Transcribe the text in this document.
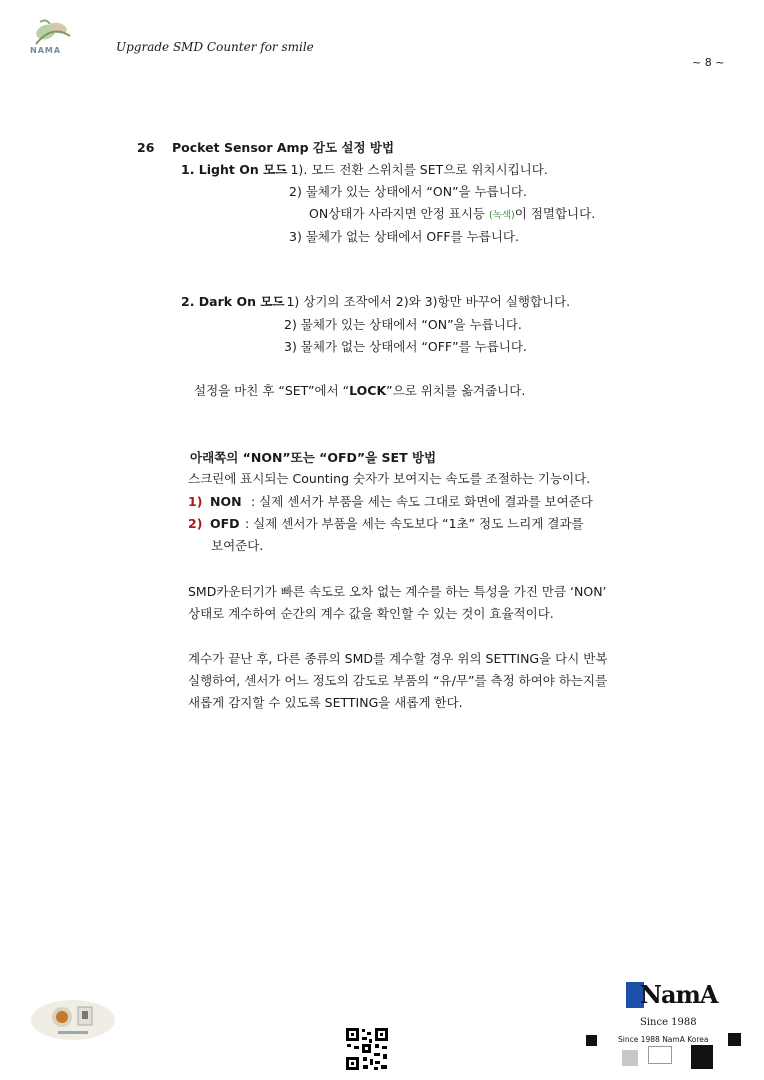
NAMA	Upgrade SMD Counter for smile
~ 8 ~
26 Pocket Sensor Amp 감도 설정 방법
1. Light On 모드
- 1). 모드 전환 스위치를 SET으로 위치시킵니다.
2) 물체가 있는 상태에서 “ON”을 누릅니다.
ON상태가 사라지면 안정 표시등 (녹색)이 점멸합니다.
3) 물체가 없는 상태에서 OFF를 누릅니다.
2. Dark On 모드
- 1) 상기의 조작에서 2)와 3)항만 바꾸어 실행합니다.
2) 물체가 있는 상태에서 “ON”을 누릅니다.
3) 물체가 없는 상태에서 “OFF”를 누릅니다.
설정을 마친 후 “SET”에서 “LOCK”으로 위치를 옮겨줍니다.
아래쪽의 “NON”또는 “OFD”을 SET 방법
스크린에 표시되는 Counting 숫자가 보여지는 속도를 조절하는 기능이다.
1) NON : 실제 센서가 부품을 세는 속도 그대로 화면에 결과를 보여준다
2) OFD : 실제 센서가 부품을 세는 속도보다 “1초” 정도 느리게 결과를
보여준다.
SMD카운터기가 빠른 속도로 오차 없는 계수를 하는 특성을 가진 만큼 ‘NON’
상태로 계수하여 순간의 계수 값을 확인할 수 있는 것이 효율적이다.
계수가 끝난 후, 다른 종류의 SMD를 계수할 경우 위의 SETTING을 다시 반복
실행하여, 센서가 어느 정도의 감도로 부품의 “유/무”를 측정 하여야 하는지를
새롭게 감지할 수 있도록 SETTING을 새롭게 한다.
NamA
Since 1988
Since 1988 NamA Korea
